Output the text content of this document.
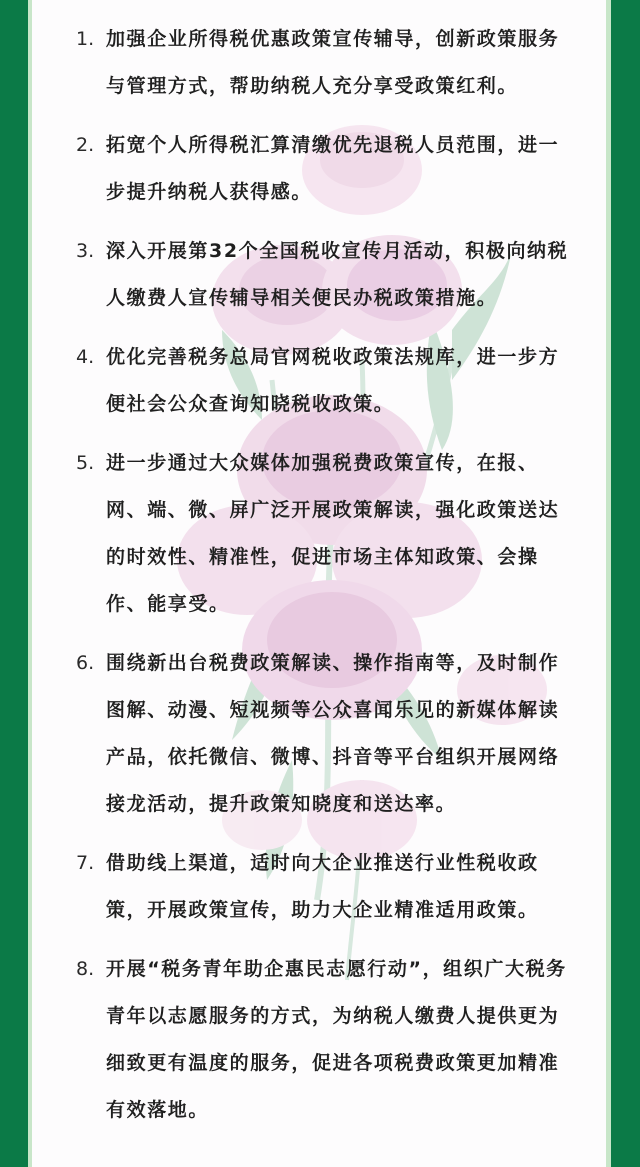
1. 加强企业所得税优惠政策宣传辅导，创新政策服务与管理方式，帮助纳税人充分享受政策红利。
2. 拓宽个人所得税汇算清缴优先退税人员范围，进一步提升纳税人获得感。
3. 深入开展第32个全国税收宣传月活动，积极向纳税人缴费人宣传辅导相关便民办税政策措施。
4. 优化完善税务总局官网税收政策法规库，进一步方便社会公众查询知晓税收政策。
5. 进一步通过大众媒体加强税费政策宣传，在报、网、端、微、屏广泛开展政策解读，强化政策送达的时效性、精准性，促进市场主体知政策、会操作、能享受。
6. 围绕新出台税费政策解读、操作指南等，及时制作图解、动漫、短视频等公众喜闻乐见的新媒体解读产品，依托微信、微博、抖音等平台组织开展网络接龙活动，提升政策知晓度和送达率。
7. 借助线上渠道，适时向大企业推送行业性税收政策，开展政策宣传，助力大企业精准适用政策。
8. 开展“税务青年助企惠民志愿行动”，组织广大税务青年以志愿服务的方式，为纳税人缴费人提供更为细致更有温度的服务，促进各项税费政策更加精准有效落地。
